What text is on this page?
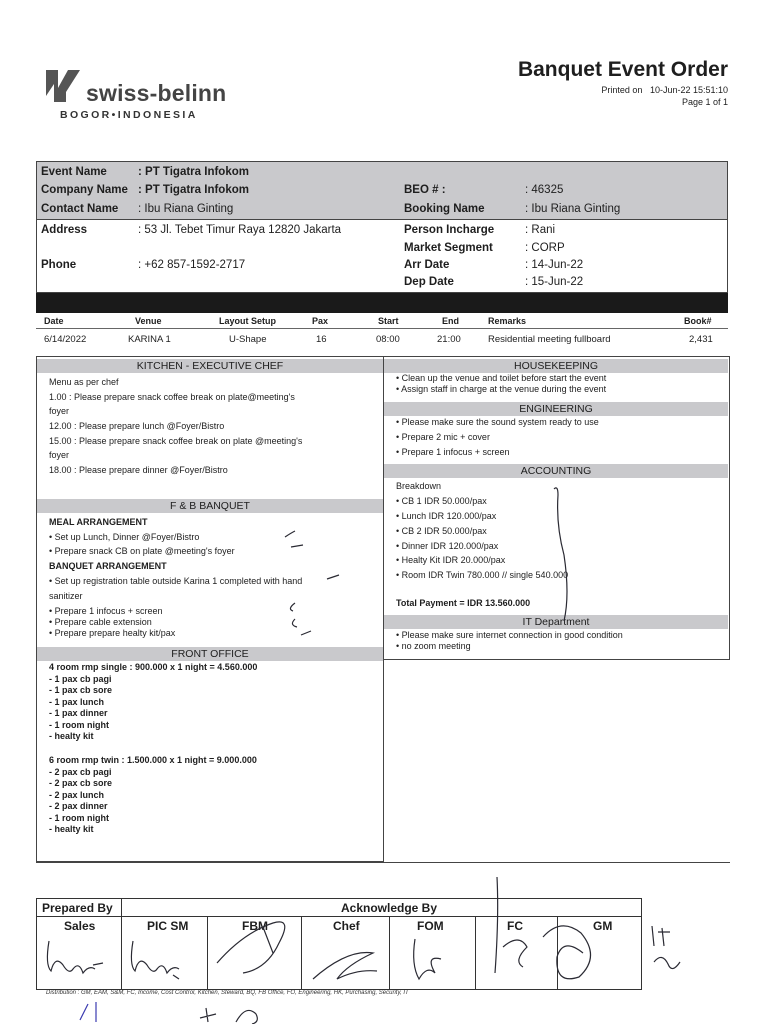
swiss-belinn
BOGOR•INDONESIA
Banquet Event Order
Printed on 10-Jun-22 15:51:10
Page 1 of 1
Event Name	: PT Tigatra Infokom
Company Name : PT Tigatra Infokom
Contact Name : Ibu Riana Ginting
BEO # :	: 46325
Booking Name	: Ibu Riana Ginting
Address	: 53 Jl. Tebet Timur Raya 12820 Jakarta
Phone	: +62 857-1592-2717
Person Incharge	: Rani
Market Segment	: CORP
Arr Date	: 14-Jun-22
Dep Date	: 15-Jun-22
Date	Venue	Layout Setup	Pax	Start	End	Remarks	Book#
6/14/2022	KARINA 1	U-Shape	16	08:00	21:00	Residential meeting fullboard	2,431
KITCHEN - EXECUTIVE CHEF
Menu as per chef
1.00 : Please prepare snack coffee break on plate@meeting's
foyer
12.00 : Please prepare lunch @Foyer/Bistro
15.00 : Please prepare snack coffee break on plate @meeting's
foyer
18.00 : Please prepare dinner @Foyer/Bistro
F & B BANQUET
MEAL ARRANGEMENT
• Set up Lunch, Dinner @Foyer/Bistro
• Prepare snack CB on plate @meeting's foyer
BANQUET ARRANGEMENT
• Set up registration table outside Karina 1 completed with hand
sanitizer
• Prepare 1 infocus + screen
• Prepare cable extension
• Prepare prepare healty kit/pax
FRONT OFFICE
4 room rmp single : 900.000 x 1 night = 4.560.000
- 1 pax cb pagi
- 1 pax cb sore
- 1 pax lunch
- 1 pax dinner
- 1 room night
- healty kit
6 room rmp twin : 1.500.000 x 1 night = 9.000.000
- 2 pax cb pagi
- 2 pax cb sore
- 2 pax lunch
- 2 pax dinner
- 1 room night
- healty kit
HOUSEKEEPING
• Clean up the venue and toilet before start the event
• Assign staff in charge at the venue during the event
ENGINEERING
• Please make sure the sound system ready to use
• Prepare 2 mic + cover
• Prepare 1 infocus + screen
ACCOUNTING
Breakdown
• CB 1 IDR 50.000/pax
• Lunch IDR 120.000/pax
• CB 2 IDR 50.000/pax
• Dinner IDR 120.000/pax
• Healty Kit IDR 20.000/pax
• Room IDR Twin 780.000 // single 540.000
Total Payment = IDR 13.560.000
IT Department
• Please make sure internet connection in good condition
• no zoom meeting
Prepared By	Acknowledge By
Sales	PIC SM	FBM	Chef	FOM	FC	GM
Distribution : GM, EAM, S&M, FC, Income, Cost Control, Kitchen, Steward, BQ, FB Office, FO, Engineering, HK, Purchasing, Security, IT
